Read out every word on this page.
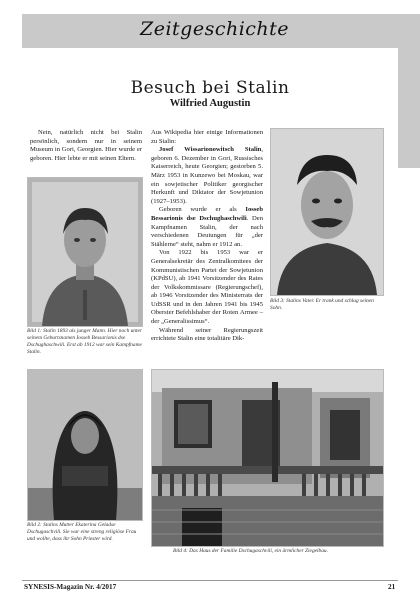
Zeitgeschichte
Besuch bei Stalin
Wilfried Augustin

Nein, natürlich nicht bei Stalin persönlich, sondern nur in seinem Museum in Gori, Georgien. Hier wurde er geboren. Hier lebte er mit seinen Eltern.

Bild 1: Stalin 1893 als junger Mann. Hier noch unter seinem Geburtsnamen Iosseb Bessarionis dse Dschughaschwili. Erst ab 1912 war sein Kampfname Stalin.

Aus Wikipedia hier einige Informationen zu Stalin:

Josef Wissarionowitsch Stalin, geboren 6. Dezember in Gori, Russisches Kaiserreich, heute Georgien; gestorben 5. März 1953 in Kunzewo bei Moskau, war ein sowjetischer Politiker georgischer Herkunft und Diktator der Sowjetunion (1927–1953).

Geboren wurde er als Iosseb Bessarionis dse Dschughaschwili. Den Kampfnamen Stalin, der nach verschiedenen Deutungen für „der Stählerne“ steht, nahm er 1912 an.

Von 1922 bis 1953 war er Generalsekretär des Zentralkomitees der Kommunistischen Partei der Sowjetunion (KPdSU), ab 1941 Vorsitzender des Rates der Volkskommissare (Regierungschef), ab 1946 Vorsitzender des Ministerrats der UdSSR und in den Jahren 1941 bis 1945 Oberster Befehlshaber der Roten Armee – der „Generalissimus“.

Während seiner Regierungszeit errichtete Stalin eine totalitäre Dik-

Bild 3: Stalins Vater. Er trank und schlug seinen Sohn.

Bild 2: Stalins Mutter Ekaterina Geladse Dschugaschvili. Sie war eine streng religiöse Frau und wollte, dass ihr Sohn Priester wird.
Bild 4: Das Haus der Familie Dschugaschvili, ein ärmlicher Ziegelbau.
SYNESIS-Magazin Nr. 4/2017	21
